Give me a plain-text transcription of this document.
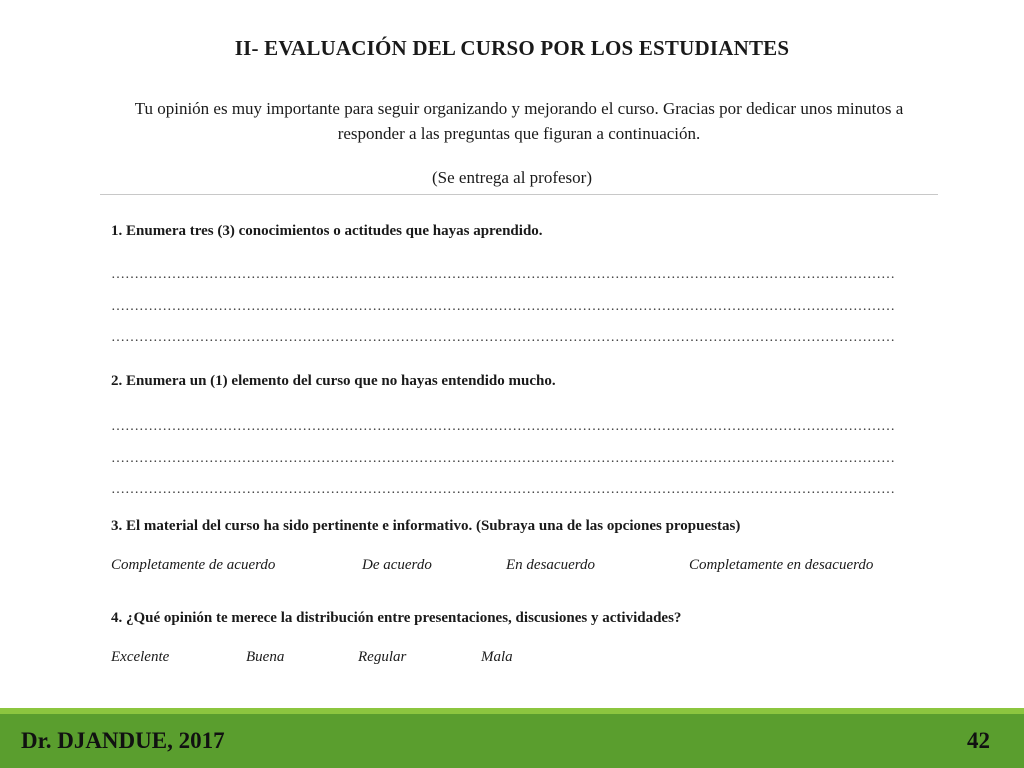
II- EVALUACIÓN DEL CURSO POR LOS ESTUDIANTES

Tu opinión es muy importante para seguir organizando y mejorando el curso. Gracias por dedicar unos minutos a responder a las preguntas que figuran a continuación.

(Se entrega al profesor)

1. Enumera tres (3) conocimientos o actitudes que hayas aprendido.

……………………………………………………………………………………………………………………………………………………
……………………………………………………………………………………………………………………………………………………
……………………………………………………………………………………………………………………………………………………

2. Enumera un (1) elemento del curso que no hayas entendido mucho.

……………………………………………………………………………………………………………………………………………………
……………………………………………………………………………………………………………………………………………………
……………………………………………………………………………………………………………………………………………………

3. El material del curso ha sido pertinente e informativo. (Subraya una de las opciones propuestas)

Completamente de acuerdo	De acuerdo	En desacuerdo	Completamente en desacuerdo

4. ¿Qué opinión te merece la distribución entre presentaciones, discusiones y actividades?

Excelente	Buena	Regular	Mala
Dr. DJANDUE, 2017	42
